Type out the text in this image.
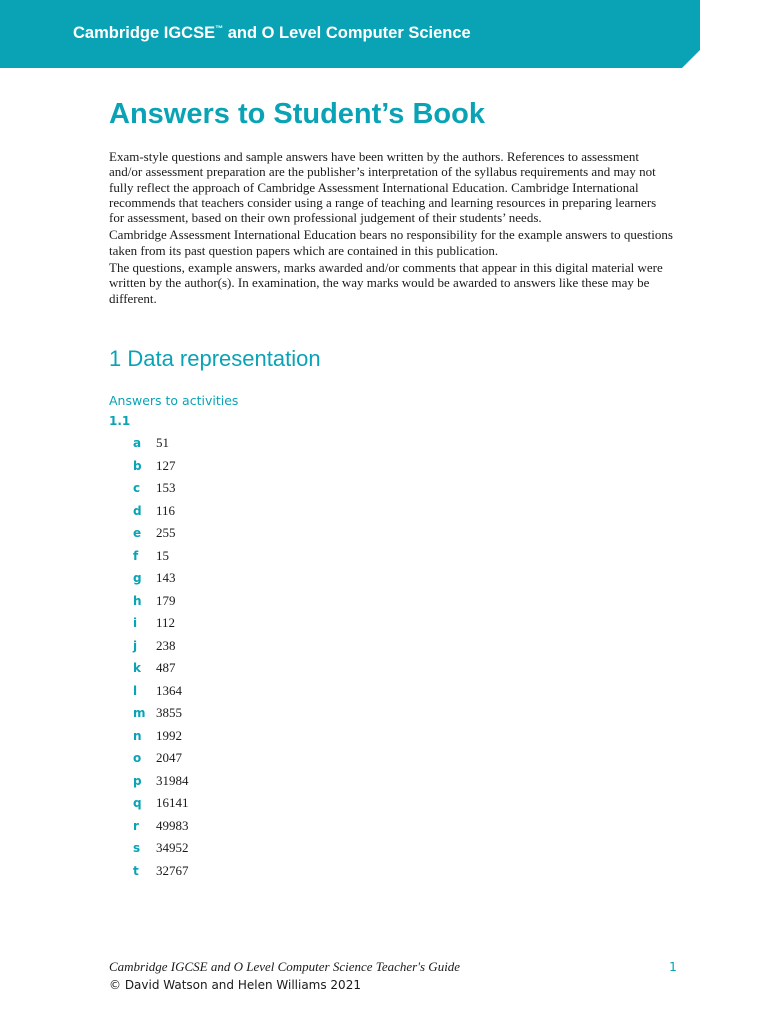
Cambridge IGCSE™ and O Level Computer Science
Answers to Student’s Book

Exam-style questions and sample answers have been written by the authors. References to assessment and/or assessment preparation are the publisher’s interpretation of the syllabus requirements and may not fully reflect the approach of Cambridge Assessment International Education. Cambridge International recommends that teachers consider using a range of teaching and learning resources in preparing learners for assessment, based on their own professional judgement of their students’ needs.

Cambridge Assessment International Education bears no responsibility for the example answers to questions taken from its past question papers which are contained in this publication.

The questions, example answers, marks awarded and/or comments that appear in this digital material were written by the author(s). In examination, the way marks would be awarded to answers like these may be different.

1 Data representation
Answers to activities
1.1
a 51
b 127
c 153
d 116
e 255
f 15
g 143
h 179
i 112
j 238
k 487
l 1364
m 3855
n 1992
o 2047
p 31984
q 16141
r 49983
s 34952
t 32767
Cambridge IGCSE and O Level Computer Science Teacher's Guide	1
© David Watson and Helen Williams 2021
